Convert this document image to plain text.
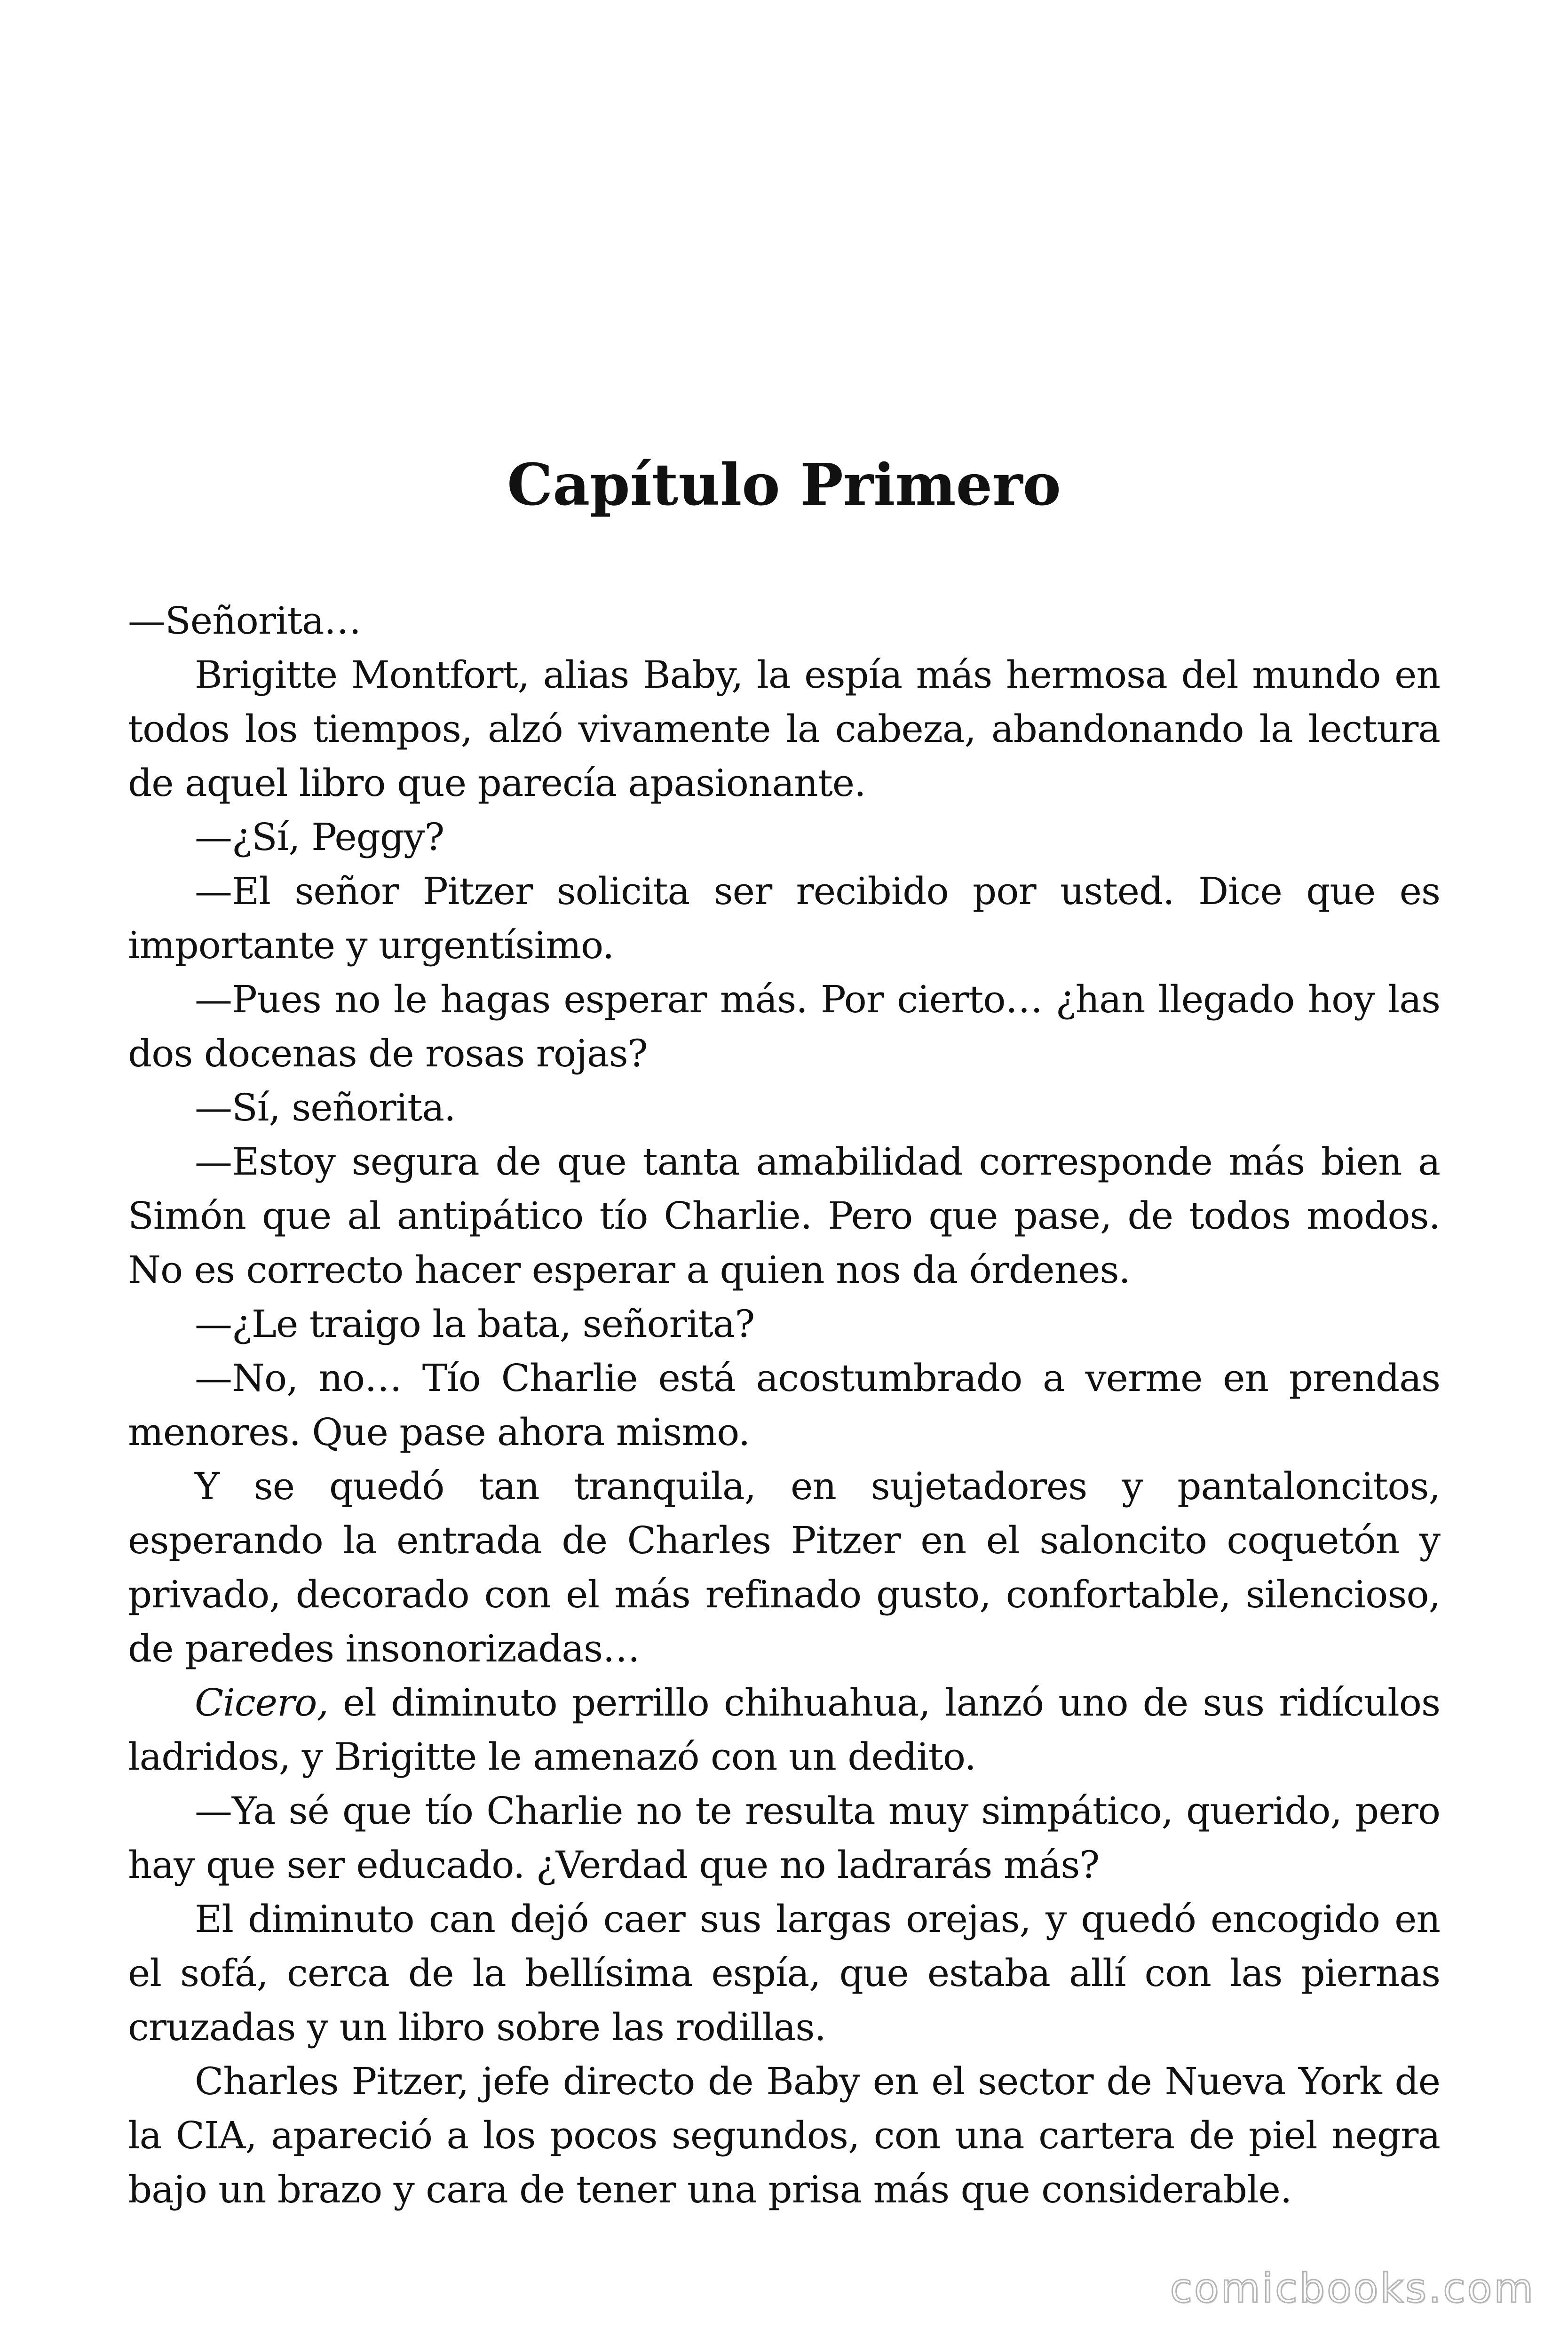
Capítulo Primero

—Señorita…

Brigitte Montfort, alias Baby, la espía más hermosa del mundo en todos los tiempos, alzó vivamente la cabeza, abandonando la lectura de aquel libro que parecía apasionante.

—¿Sí, Peggy?

—El señor Pitzer solicita ser recibido por usted. Dice que es importante y urgentísimo.

—Pues no le hagas esperar más. Por cierto… ¿han llegado hoy las dos docenas de rosas rojas?

—Sí, señorita.

—Estoy segura de que tanta amabilidad corresponde más bien a Simón que al antipático tío Charlie. Pero que pase, de todos modos. No es correcto hacer esperar a quien nos da órdenes.

—¿Le traigo la bata, señorita?

—No, no… Tío Charlie está acostumbrado a verme en prendas menores. Que pase ahora mismo.

Y se quedó tan tranquila, en sujetadores y pantaloncitos, esperando la entrada de Charles Pitzer en el saloncito coquetón y privado, decorado con el más refinado gusto, confortable, silencioso, de paredes insonorizadas…

Cicero, el diminuto perrillo chihuahua, lanzó uno de sus ridículos ladridos, y Brigitte le amenazó con un dedito.

—Ya sé que tío Charlie no te resulta muy simpático, querido, pero hay que ser educado. ¿Verdad que no ladrarás más?

El diminuto can dejó caer sus largas orejas, y quedó encogido en el sofá, cerca de la bellísima espía, que estaba allí con las piernas cruzadas y un libro sobre las rodillas.

Charles Pitzer, jefe directo de Baby en el sector de Nueva York de la CIA, apareció a los pocos segundos, con una cartera de piel negra bajo un brazo y cara de tener una prisa más que considerable.

comicbooks.com
